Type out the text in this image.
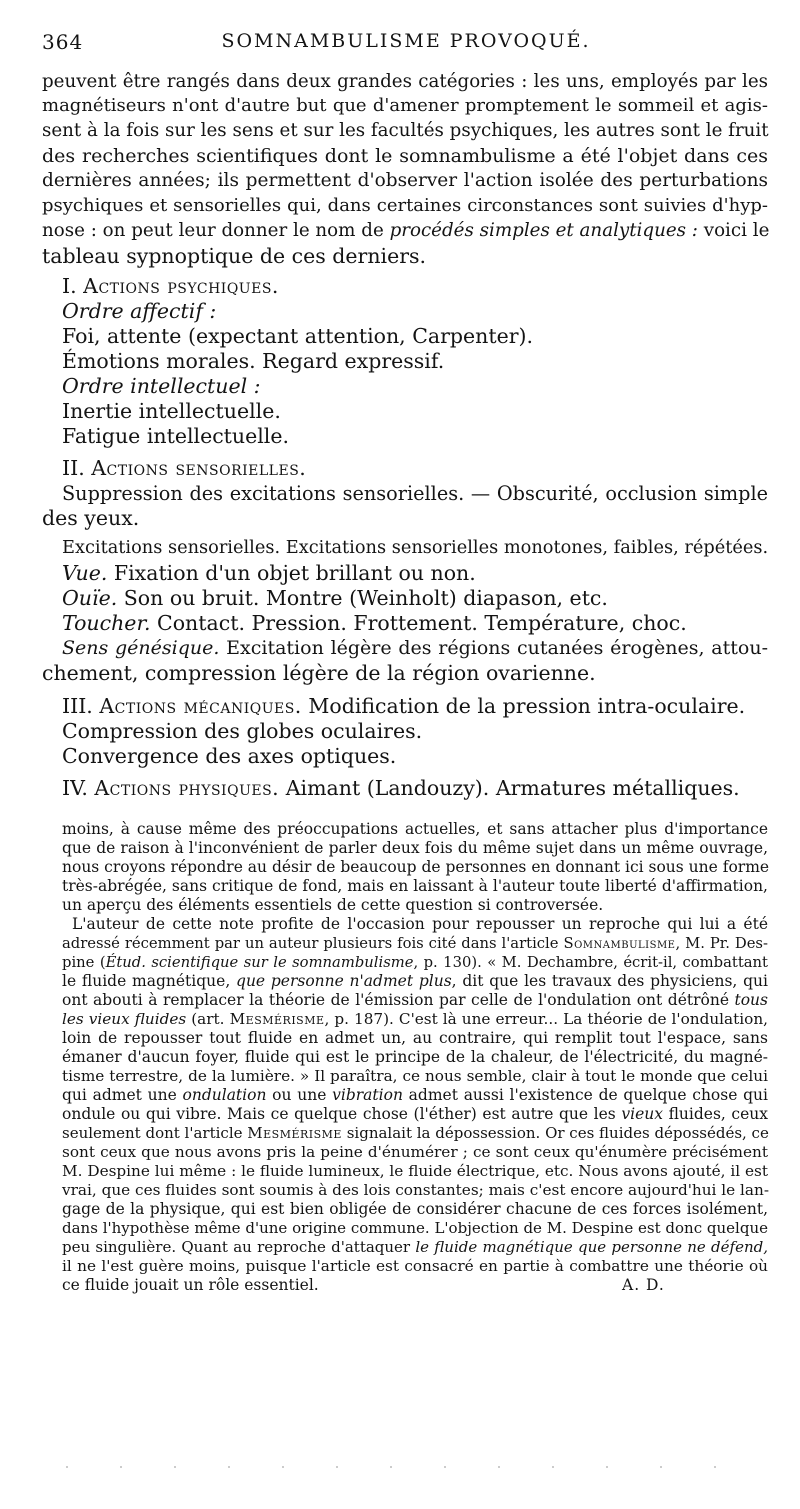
364	SOMNAMBULISME PROVOQUÉ.
peuvent être rangés dans deux grandes catégories : les uns, employés par les
magnétiseurs n'ont d'autre but que d'amener promptement le sommeil et agis-
sent à la fois sur les sens et sur les facultés psychiques, les autres sont le fruit
des recherches scientifiques dont le somnambulisme a été l'objet dans ces
dernières années; ils permettent d'observer l'action isolée des perturbations
psychiques et sensorielles qui, dans certaines circonstances sont suivies d'hyp-
nose : on peut leur donner le nom de procédés simples et analytiques : voici le
tableau sypnoptique de ces derniers.
I. Actions psychiques.
Ordre affectif :
Foi, attente (expectant attention, Carpenter).
Émotions morales. Regard expressif.
Ordre intellectuel :
Inertie intellectuelle.
Fatigue intellectuelle.
II. Actions sensorielles.
Suppression des excitations sensorielles. — Obscurité, occlusion simple
des yeux.
Excitations sensorielles. Excitations sensorielles monotones, faibles, répétées.
Vue. Fixation d'un objet brillant ou non.
Ouïe. Son ou bruit. Montre (Weinholt) diapason, etc.
Toucher. Contact. Pression. Frottement. Température, choc.
Sens génésique. Excitation légère des régions cutanées érogènes, attou-
chement, compression légère de la région ovarienne.
III. Actions mécaniques. Modification de la pression intra-oculaire.
Compression des globes oculaires.
Convergence des axes optiques.
IV. Actions physiques. Aimant (Landouzy). Armatures métalliques.
moins, à cause même des préoccupations actuelles, et sans attacher plus d'importance
que de raison à l'inconvénient de parler deux fois du même sujet dans un même ouvrage,
nous croyons répondre au désir de beaucoup de personnes en donnant ici sous une forme
très-abrégée, sans critique de fond, mais en laissant à l'auteur toute liberté d'affirmation,
un aperçu des éléments essentiels de cette question si controversée.
L'auteur de cette note profite de l'occasion pour repousser un reproche qui lui a été
adressé récemment par un auteur plusieurs fois cité dans l'article Somnambulisme, M. Pr. Des-
pine (Étud. scientifique sur le somnambulisme, p. 130). « M. Dechambre, écrit-il, combattant
le fluide magnétique, que personne n'admet plus, dit que les travaux des physiciens, qui
ont abouti à remplacer la théorie de l'émission par celle de l'ondulation ont détrôné tous
les vieux fluides (art. Mesmérisme, p. 187). C'est là une erreur... La théorie de l'ondulation,
loin de repousser tout fluide en admet un, au contraire, qui remplit tout l'espace, sans
émaner d'aucun foyer, fluide qui est le principe de la chaleur, de l'électricité, du magné-
tisme terrestre, de la lumière. » Il paraîtra, ce nous semble, clair à tout le monde que celui
qui admet une ondulation ou une vibration admet aussi l'existence de quelque chose qui
ondule ou qui vibre. Mais ce quelque chose (l'éther) est autre que les vieux fluides, ceux
seulement dont l'article Mesmérisme signalait la dépossession. Or ces fluides dépossédés, ce
sont ceux que nous avons pris la peine d'énumérer ; ce sont ceux qu'énumère précisément
M. Despine lui même : le fluide lumineux, le fluide électrique, etc. Nous avons ajouté, il est
vrai, que ces fluides sont soumis à des lois constantes; mais c'est encore aujourd'hui le lan-
gage de la physique, qui est bien obligée de considérer chacune de ces forces isolément,
dans l'hypothèse même d'une origine commune. L'objection de M. Despine est donc quelque
peu singulière. Quant au reproche d'attaquer le fluide magnétique que personne ne défend,
il ne l'est guère moins, puisque l'article est consacré en partie à combattre une théorie où
ce fluide jouait un rôle essentiel.	A. D.
